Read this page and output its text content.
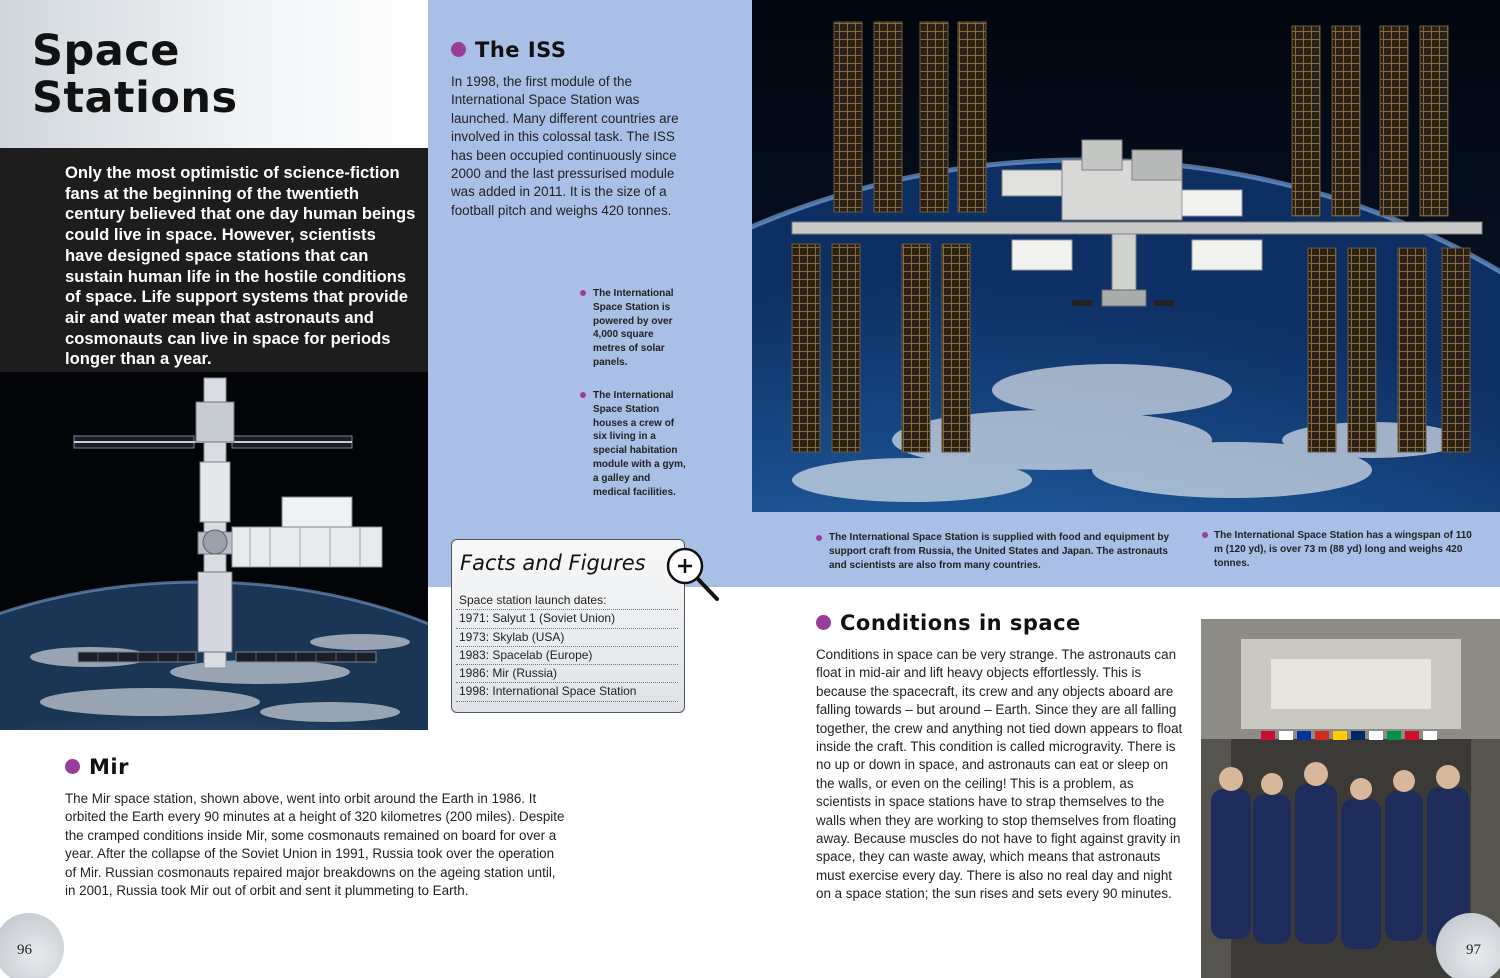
Space
Stations

Only the most optimistic of science-fiction fans at the beginning of the twentieth century believed that one day human beings could live in space. However, scientists have designed space stations that can sustain human life in the hostile conditions of space. Life support systems that provide air and water mean that astronauts and cosmonauts can live in space for periods longer than a year.

The ISS

In 1998, the first module of the International Space Station was launched. Many different countries are involved in this colossal task. The ISS has been occupied continuously since 2000 and the last pressurised module was added in 2011. It is the size of a football pitch and weighs 420 tonnes.

The International Space Station is powered by over 4,000 square metres of solar panels.

The International Space Station houses a crew of six living in a special habitation module with a gym, a galley and medical facilities.

Facts and Figures
Space station launch dates:
1971: Salyut 1 (Soviet Union)
1973: Skylab (USA)
1983: Spacelab (Europe)
1986: Mir (Russia)
1998: International Space Station

The International Space Station is supplied with food and equipment by support craft from Russia, the United States and Japan. The astronauts and scientists are also from many countries.

The International Space Station has a wingspan of 110 m (120 yd), is over 73 m (88 yd) long and weighs 420 tonnes.

Conditions in space

Conditions in space can be very strange. The astronauts can float in mid-air and lift heavy objects effortlessly. This is because the spacecraft, its crew and any objects aboard are falling towards – but around – Earth. Since they are all falling together, the crew and anything not tied down appears to float inside the craft. This condition is called microgravity. There is no up or down in space, and astronauts can eat or sleep on the walls, or even on the ceiling! This is a problem, as scientists in space stations have to strap themselves to the walls when they are working to stop themselves from floating away. Because muscles do not have to fight against gravity in space, they can waste away, which means that astronauts must exercise every day. There is also no real day and night on a space station; the sun rises and sets every 90 minutes.

Mir

The Mir space station, shown above, went into orbit around the Earth in 1986. It orbited the Earth every 90 minutes at a height of 320 kilometres (200 miles). Despite the cramped conditions inside Mir, some cosmonauts remained on board for over a year. After the collapse of the Soviet Union in 1991, Russia took over the operation of Mir. Russian cosmonauts repaired major breakdowns on the ageing station until, in 2001, Russia took Mir out of orbit and sent it plummeting to Earth.

96	97
